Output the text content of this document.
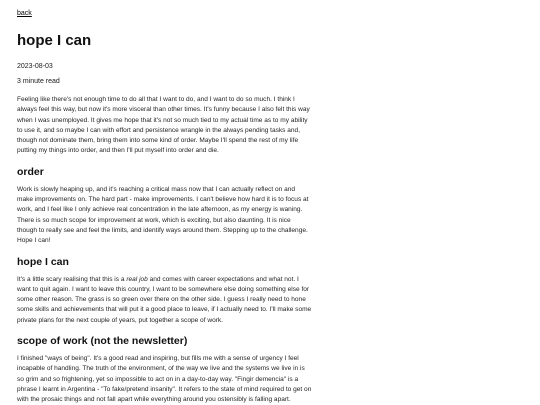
back
hope I can

2023-08-03

3 minute read

Feeling like there's not enough time to do all that I want to do, and I want to do so much. I think I
always feel this way, but now it's more visceral than other times. It's funny because I also felt this way
when I was unemployed. It gives me hope that it's not so much tied to my actual time as to my ability
to use it, and so maybe I can with effort and persistence wrangle in the always pending tasks and,
though not dominate them, bring them into some kind of order. Maybe I'll spend the rest of my life
putting my things into order, and then I'll put myself into order and die.

order

Work is slowly heaping up, and it's reaching a critical mass now that I can actually reflect on and
make improvements on. The hard part - make improvements. I can't believe how hard it is to focus at
work, and I feel like I only achieve real concentration in the late afternoon, as my energy is waning.
There is so much scope for improvement at work, which is exciting, but also daunting. It is nice
though to really see and feel the limits, and identify ways around them. Stepping up to the challenge.
Hope I can!

hope I can

It's a little scary realising that this is a real job and comes with career expectations and what not. I
want to quit again. I want to leave this country, I want to be somewhere else doing something else for
some other reason. The grass is so green over there on the other side. I guess I really need to hone
some skills and achievements that will put it a good place to leave, if I actually need to. I'll make some
private plans for the next couple of years, put together a scope of work.

scope of work (not the newsletter)

I finished "ways of being". It's a good read and inspiring, but fills me with a sense of urgency I feel
incapable of handling. The truth of the environment, of the way we live and the systems we live in is
so grim and so frightening, yet so impossible to act on in a day-to-day way. "Fingir demencia" is a
phrase I learnt in Argentina - "To fake/pretend insanity". It refers to the state of mind required to get on
with the prosaic things and not fall apart while everything around you ostensibly is falling apart.
